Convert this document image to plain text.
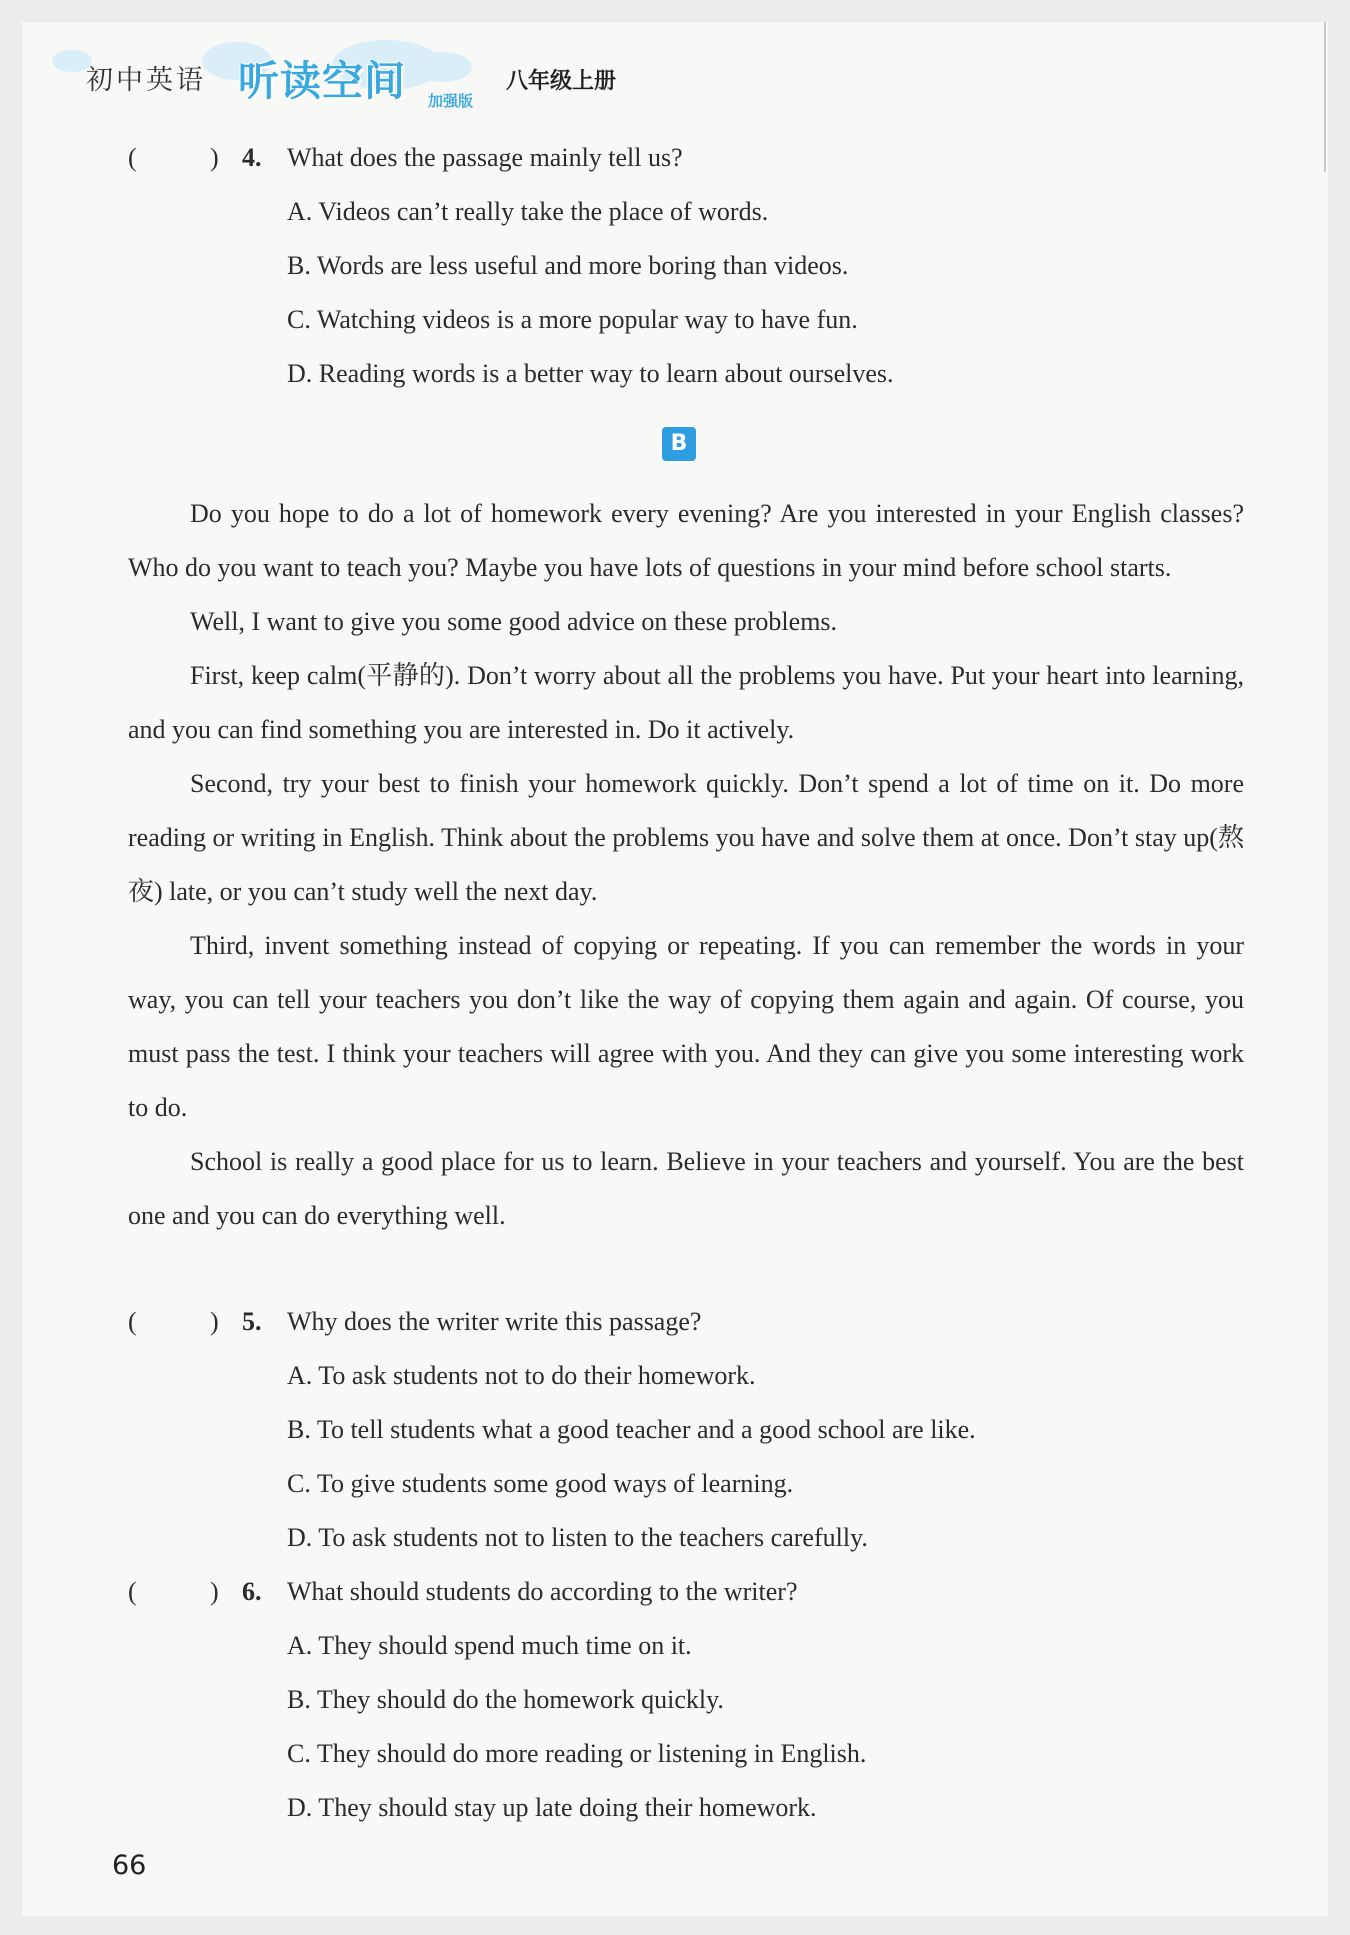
初中英语 听读空间 加强版
八年级上册
(	) 4. What does the passage mainly tell us?
A. Videos can’t really take the place of words.
B. Words are less useful and more boring than videos.
C. Watching videos is a more popular way to have fun.
D. Reading words is a better way to learn about ourselves.
B

Do you hope to do a lot of homework every evening? Are you interested in your English classes? Who do you want to teach you? Maybe you have lots of questions in your mind before school starts.

Well, I want to give you some good advice on these problems.

First, keep calm(平静的). Don’t worry about all the problems you have. Put your heart into learning, and you can find something you are interested in. Do it actively.

Second, try your best to finish your homework quickly. Don’t spend a lot of time on it. Do more reading or writing in English. Think about the problems you have and solve them at once. Don’t stay up(熬夜) late, or you can’t study well the next day.

Third, invent something instead of copying or repeating. If you can remember the words in your way, you can tell your teachers you don’t like the way of copying them again and again. Of course, you must pass the test. I think your teachers will agree with you. And they can give you some interesting work to do.

School is really a good place for us to learn. Believe in your teachers and yourself. You are the best one and you can do everything well.

(	) 5. Why does the writer write this passage?
A. To ask students not to do their homework.
B. To tell students what a good teacher and a good school are like.
C. To give students some good ways of learning.
D. To ask students not to listen to the teachers carefully.
(	) 6. What should students do according to the writer?
A. They should spend much time on it.
B. They should do the homework quickly.
C. They should do more reading or listening in English.
D. They should stay up late doing their homework.
66
